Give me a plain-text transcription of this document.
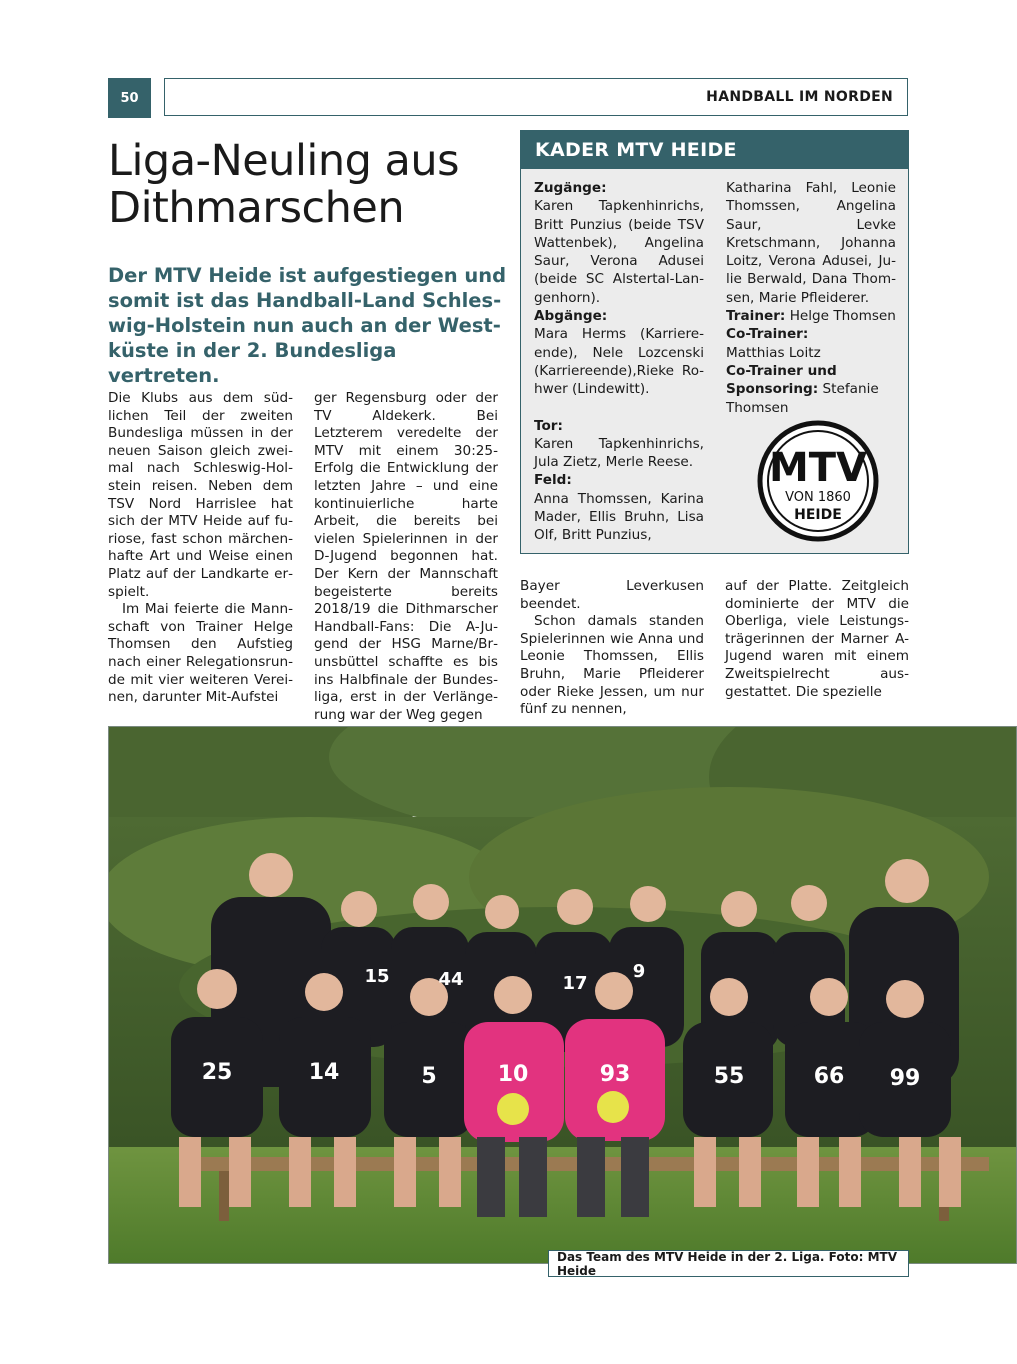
50	HANDBALL IM NORDEN
Liga-Neuling aus
Dithmarschen

Der MTV Heide ist aufgestiegen und somit ist das Handball-Land Schleswig-Holstein nun auch an der Westküste in der 2. Bundesliga vertreten.

Die Klubs aus dem südlichen Teil der zweiten Bundesliga müssen in der neuen Saison gleich zweimal nach Schleswig-Holstein reisen. Neben dem TSV Nord Harrislee hat sich der MTV Heide auf furiose, fast schon märchenhafte Art und Weise einen Platz auf der Landkarte erspielt.

Im Mai feierte die Mannschaft von Trainer Helge Thomsen den Aufstieg nach einer Relegationsrunde mit vier weiteren Vereinen, darunter Mit-Aufstei

ger Regensburg oder der TV Aldekerk. Bei Letzterem veredelte der MTV mit einem 30:25-Erfolg die Entwicklung der letzten Jahre – und eine kontinuierliche harte Arbeit, die bereits bei vielen Spielerinnen in der D-Jugend begonnen hat. Der Kern der Mannschaft begeisterte bereits 2018/19 die Dithmarscher Handball-Fans: Die A-Jugend der HSG Marne/Brunsbüttel schaffte es bis ins Halbfinale der Bundesliga, erst in der Verlängerung war der Weg gegen

Bayer Leverkusen beendet.

Schon damals standen Spielerinnen wie Anna und Leonie Thomssen, Ellis Bruhn, Marie Pfleiderer oder Rieke Jessen, um nur fünf zu nennen,

auf der Platte. Zeitgleich dominierte der MTV die Oberliga, viele Leistungsträgerinnen der Marner A-Jugend waren mit einem Zweitspielrecht ausgestattet. Die spezielle

KADER MTV HEIDE

Zugänge:

Karen Tapkenhinrichs, Britt Punzius (beide TSV Wattenbek), Angelina Saur, Verona Adusei (beide SC Alstertal-Langenhorn).

Abgänge:

Mara Herms (Karriereende), Nele Lozcenski (Karriereende),Rieke Rohwer (Lindewitt).

Tor:

Karen Tapkenhinrichs, Jula Zietz, Merle Reese.

Feld:

Anna Thomssen, Karina Mader, Ellis Bruhn, Lisa Olf, Britt Punzius,

Katharina Fahl, Leonie Thomssen, Angelina Saur, Levke Kretschmann, Johanna Loitz, Verona Adusei, Julie Berwald, Dana Thomsen, Marie Pfleiderer.

Trainer: Helge Thomsen

Co-Trainer:

Matthias Loitz

Co-Trainer und Sponsoring: Stefanie Thomsen

MTV
VON 1860
HEIDE
25	14	5	10	93	55	66 99
15	44	17
9
Das Team des MTV Heide in der 2. Liga. Foto: MTV Heide
